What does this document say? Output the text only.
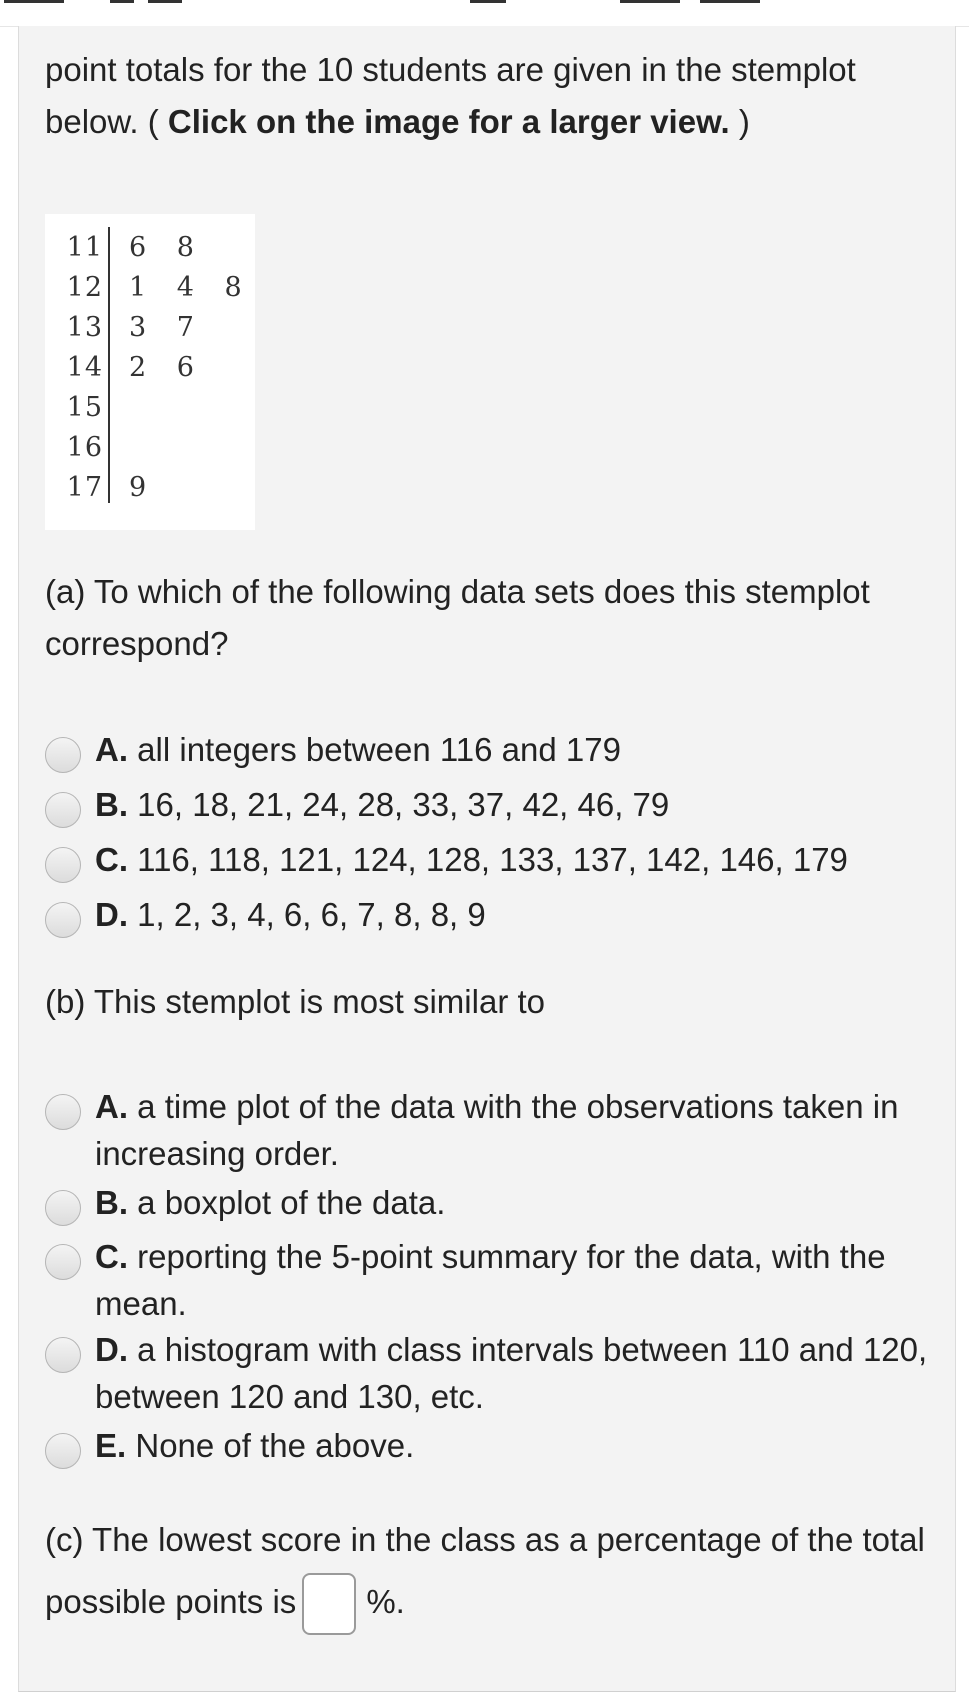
point totals for the 10 students are given in the stemplot below. ( Click on the image for a larger view. )
11 6 8
12 1 4 8
13 3 7
14 2 6
15
16
17 9
(a) To which of the following data sets does this stemplot correspond?
A. all integers between 116 and 179
B. 16, 18, 21, 24, 28, 33, 37, 42, 46, 79
C. 116, 118, 121, 124, 128, 133, 137, 142, 146, 179
D. 1, 2, 3, 4, 6, 6, 7, 8, 8, 9
(b) This stemplot is most similar to
A. a time plot of the data with the observations taken in increasing order.
B. a boxplot of the data.
C. reporting the 5-point summary for the data, with the mean.
D. a histogram with class intervals between 110 and 120, between 120 and 130, etc.
E. None of the above.
(c) The lowest score in the class as a percentage of the total possible points is %.
